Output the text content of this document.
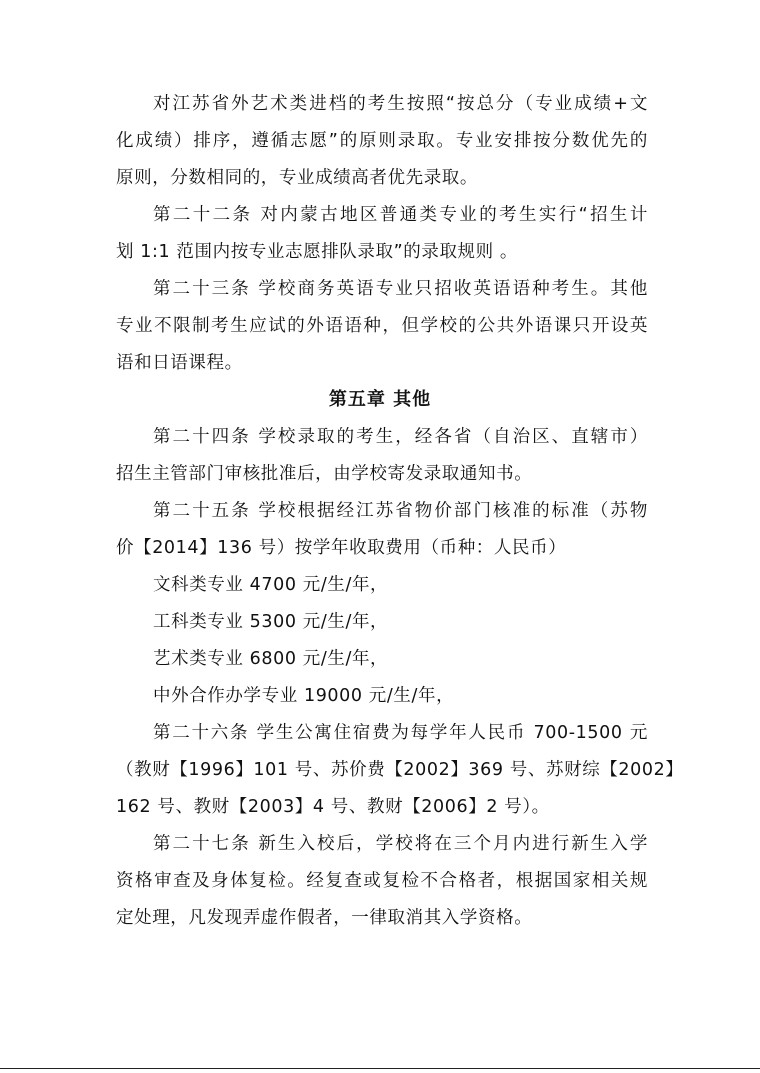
对江苏省外艺术类进档的考生按照“按总分（专业成绩+文
化成绩）排序，遵循志愿”的原则录取。专业安排按分数优先的
原则，分数相同的，专业成绩高者优先录取。
第二十二条 对内蒙古地区普通类专业的考生实行“招生计
划 1:1 范围内按专业志愿排队录取”的录取规则 。
第二十三条 学校商务英语专业只招收英语语种考生。其他
专业不限制考生应试的外语语种，但学校的公共外语课只开设英
语和日语课程。
第五章 其他
第二十四条 学校录取的考生，经各省（自治区、直辖市）
招生主管部门审核批准后，由学校寄发录取通知书。
第二十五条 学校根据经江苏省物价部门核准的标准（苏物
价【2014】136 号）按学年收取费用（币种：人民币）
文科类专业 4700 元/生/年，
工科类专业 5300 元/生/年，
艺术类专业 6800 元/生/年，
中外合作办学专业 19000 元/生/年，
第二十六条 学生公寓住宿费为每学年人民币 700-1500 元
（教财【1996】101 号、苏价费【2002】369 号、苏财综【2002】
162 号、教财【2003】4 号、教财【2006】2 号）。
第二十七条 新生入校后，学校将在三个月内进行新生入学
资格审查及身体复检。经复查或复检不合格者，根据国家相关规
定处理，凡发现弄虚作假者，一律取消其入学资格。
